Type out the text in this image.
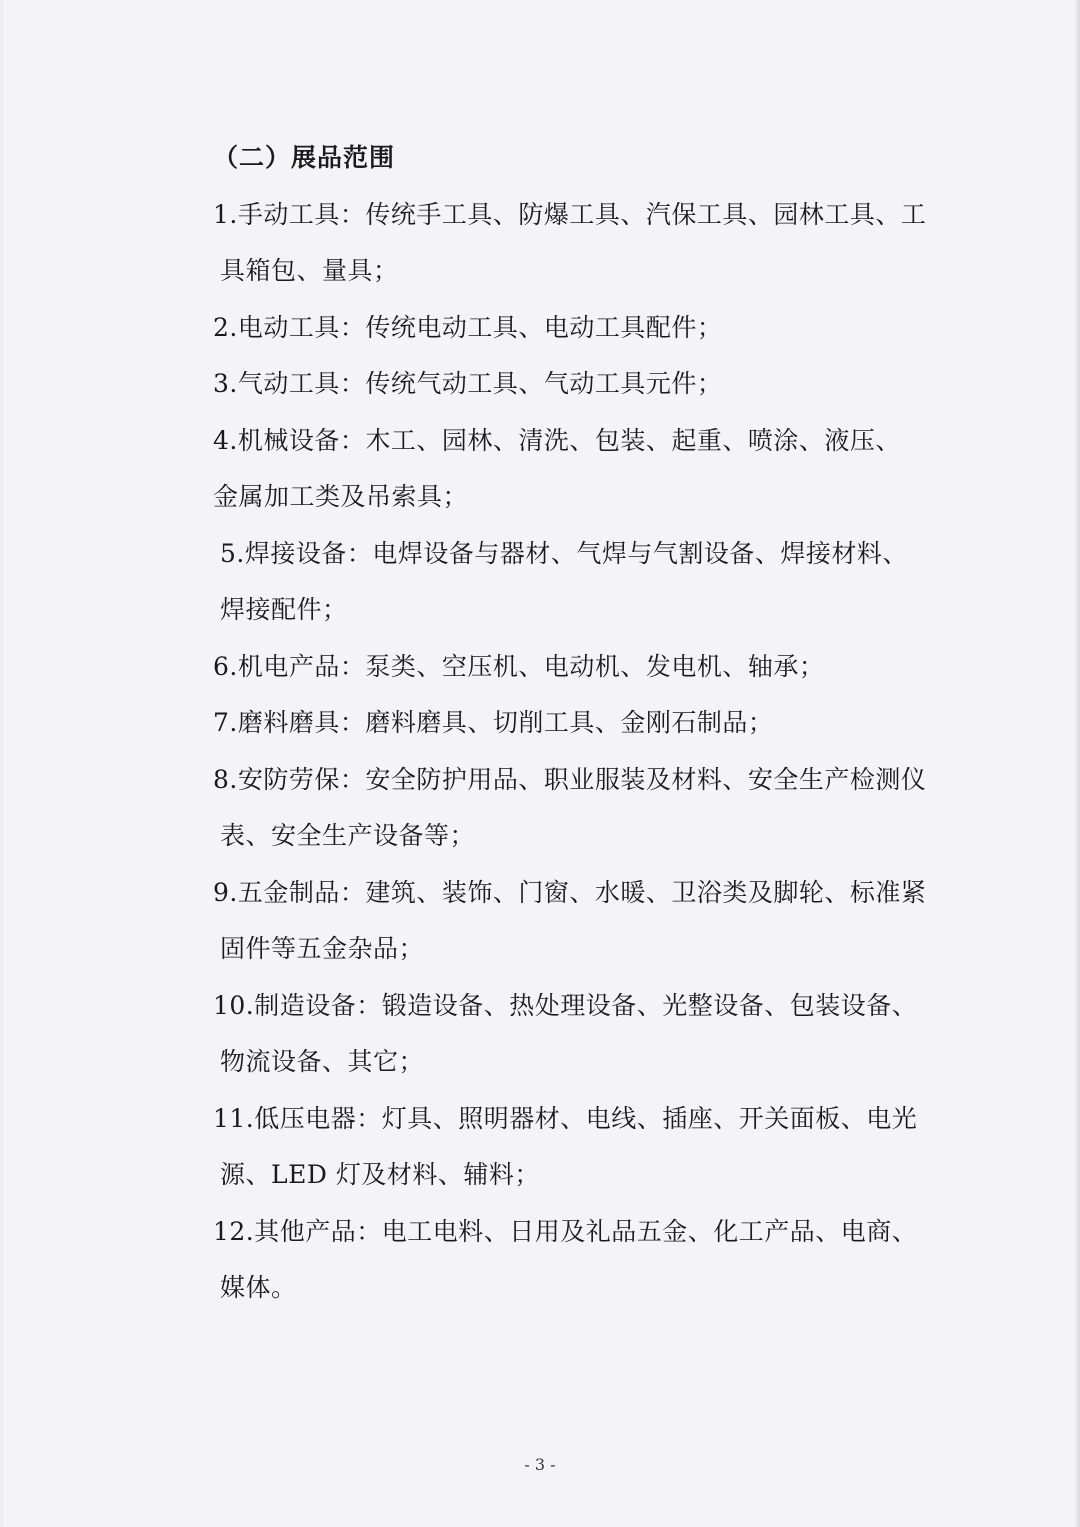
（二）展品范围
1.手动工具：传统手工具、防爆工具、汽保工具、园林工具、工
具箱包、量具；
2.电动工具：传统电动工具、电动工具配件；
3.气动工具：传统气动工具、气动工具元件；
4.机械设备：木工、园林、清洗、包装、起重、喷涂、液压、
金属加工类及吊索具；
5.焊接设备：电焊设备与器材、气焊与气割设备、焊接材料、
焊接配件；
6.机电产品：泵类、空压机、电动机、发电机、轴承；
7.磨料磨具：磨料磨具、切削工具、金刚石制品；
8.安防劳保：安全防护用品、职业服装及材料、安全生产检测仪
表、安全生产设备等；
9.五金制品：建筑、装饰、门窗、水暖、卫浴类及脚轮、标准紧
固件等五金杂品；
10.制造设备：锻造设备、热处理设备、光整设备、包装设备、
物流设备、其它；
11.低压电器：灯具、照明器材、电线、插座、开关面板、电光
源、LED 灯及材料、辅料；
12.其他产品：电工电料、日用及礼品五金、化工产品、电商、
媒体。
- 3 -
